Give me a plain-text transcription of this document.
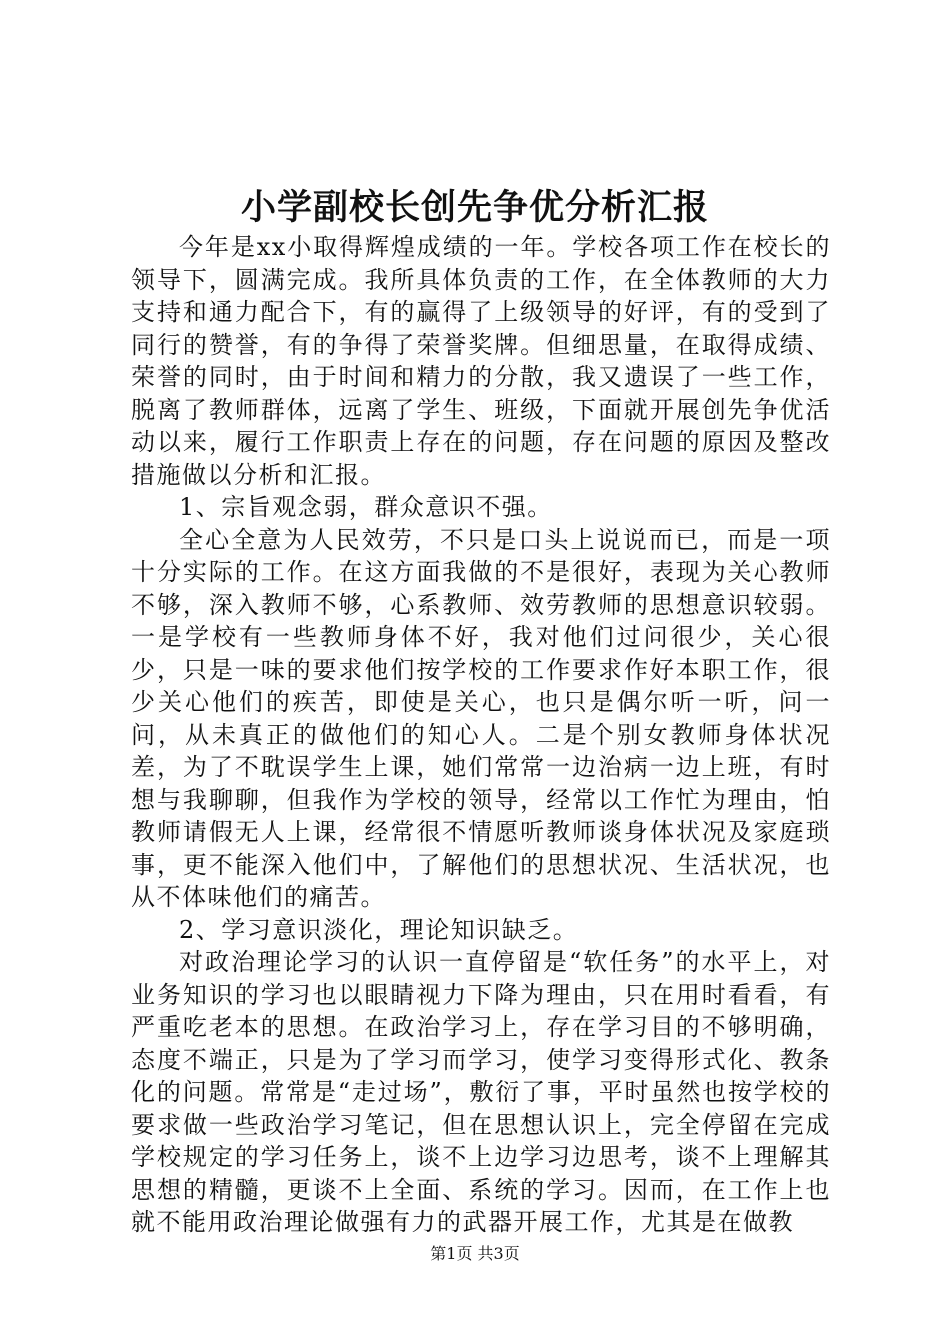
小学副校长创先争优分析汇报

今年是xx小取得辉煌成绩的一年。学校各项工作在校长的领导下，圆满完成。我所具体负责的工作，在全体教师的大力支持和通力配合下，有的赢得了上级领导的好评，有的受到了同行的赞誉，有的争得了荣誉奖牌。但细思量，在取得成绩、荣誉的同时，由于时间和精力的分散，我又遗误了一些工作，脱离了教师群体，远离了学生、班级，下面就开展创先争优活动以来，履行工作职责上存在的问题，存在问题的原因及整改措施做以分析和汇报。

1、宗旨观念弱，群众意识不强。

全心全意为人民效劳，不只是口头上说说而已，而是一项十分实际的工作。在这方面我做的不是很好，表现为关心教师不够，深入教师不够，心系教师、效劳教师的思想意识较弱。一是学校有一些教师身体不好，我对他们过问很少，关心很少，只是一味的要求他们按学校的工作要求作好本职工作，很少关心他们的疾苦，即使是关心，也只是偶尔听一听，问一问，从未真正的做他们的知心人。二是个别女教师身体状况差，为了不耽误学生上课，她们常常一边治病一边上班，有时想与我聊聊，但我作为学校的领导，经常以工作忙为理由，怕教师请假无人上课，经常很不情愿听教师谈身体状况及家庭琐事，更不能深入他们中，了解他们的思想状况、生活状况，也从不体味他们的痛苦。

2、学习意识淡化，理论知识缺乏。

对政治理论学习的认识一直停留是“软任务”的水平上，对业务知识的学习也以眼睛视力下降为理由，只在用时看看，有严重吃老本的思想。在政治学习上，存在学习目的不够明确，态度不端正，只是为了学习而学习，使学习变得形式化、教条化的问题。常常是“走过场”，敷衍了事，平时虽然也按学校的要求做一些政治学习笔记，但在思想认识上，完全停留在完成学校规定的学习任务上，谈不上边学习边思考，谈不上理解其思想的精髓，更谈不上全面、系统的学习。因而，在工作上也就不能用政治理论做强有力的武器开展工作，尤其是在做教

第1页 共3页
